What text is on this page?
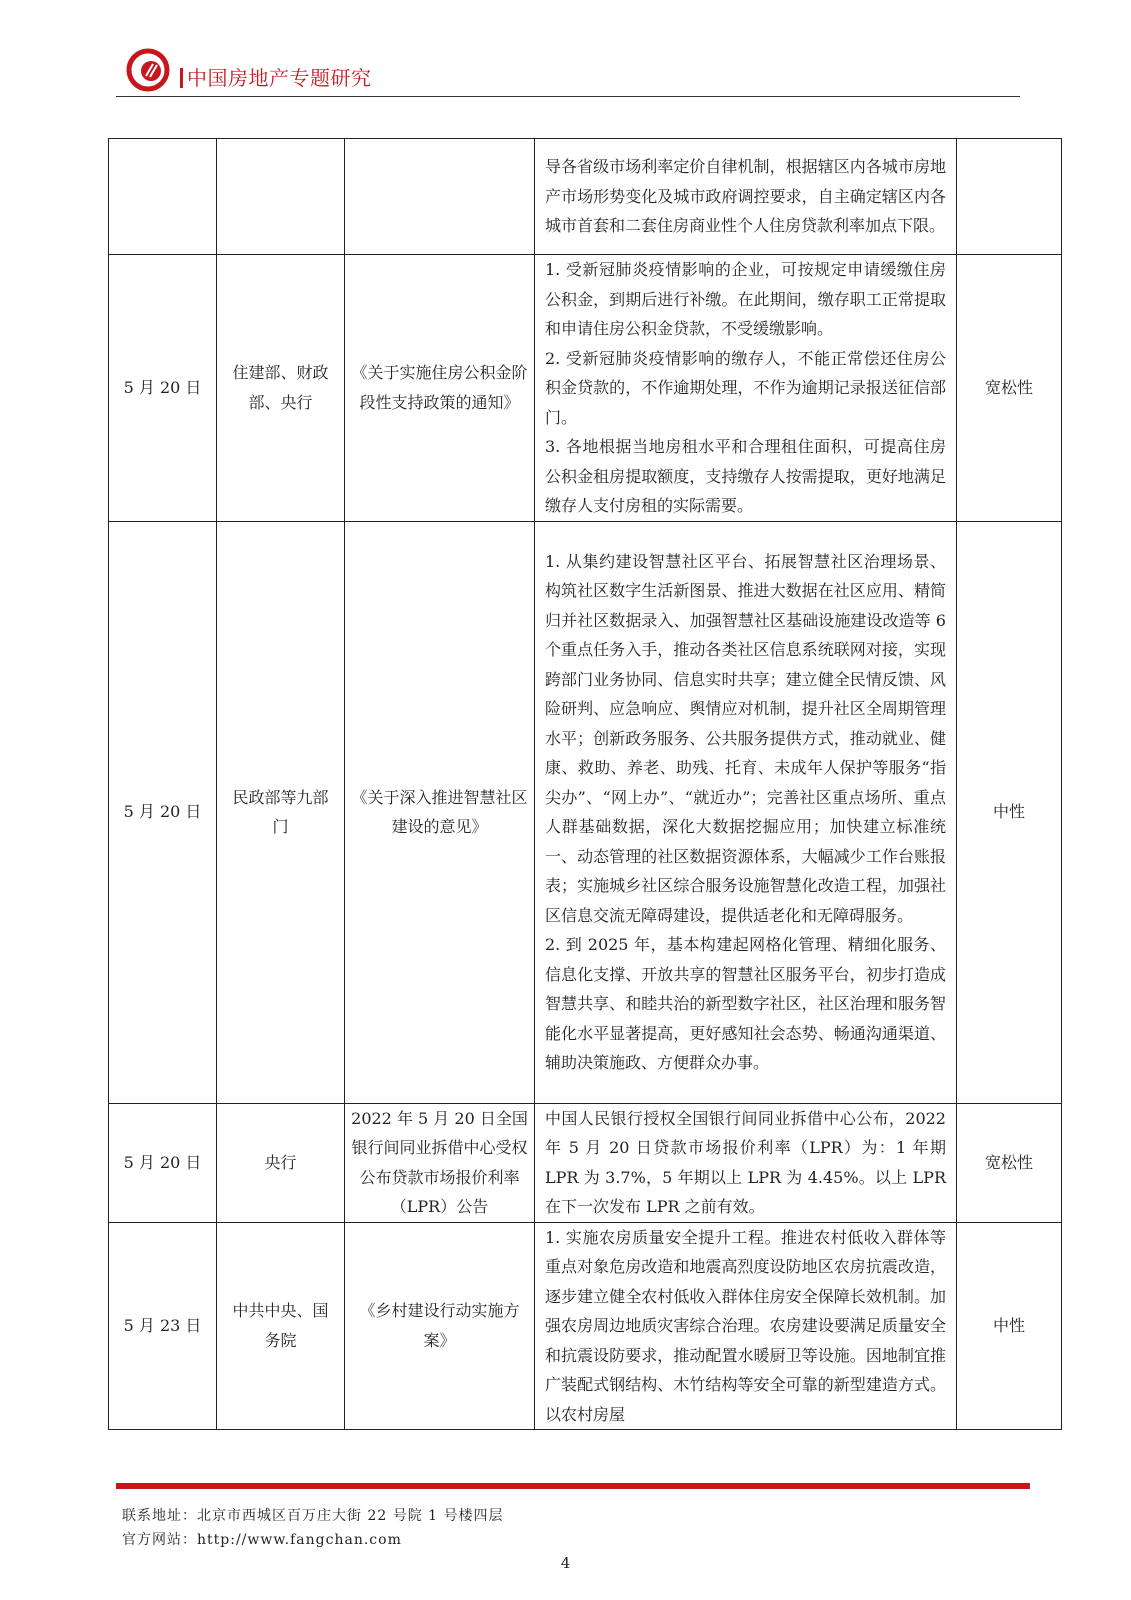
中国房地产专题研究

			导各省级市场利率定价自律机制，根据辖区内各城市房地产市场形势变化及城市政府调控要求，自主确定辖区内各城市首套和二套住房商业性个人住房贷款利率加点下限。	

5 月 20 日	住建部、财政部、央行	《关于实施住房公积金阶段性支持政策的通知》	1. 受新冠肺炎疫情影响的企业，可按规定申请缓缴住房公积金，到期后进行补缴。在此期间，缴存职工正常提取和申请住房公积金贷款，不受缓缴影响。
2. 受新冠肺炎疫情影响的缴存人，不能正常偿还住房公积金贷款的，不作逾期处理，不作为逾期记录报送征信部门。
3. 各地根据当地房租水平和合理租住面积，可提高住房公积金租房提取额度，支持缴存人按需提取，更好地满足缴存人支付房租的实际需要。	宽松性
5 月 20 日	民政部等九部门	《关于深入推进智慧社区建设的意见》	1. 从集约建设智慧社区平台、拓展智慧社区治理场景、构筑社区数字生活新图景、推进大数据在社区应用、精简归并社区数据录入、加强智慧社区基础设施建设改造等 6 个重点任务入手，推动各类社区信息系统联网对接，实现跨部门业务协同、信息实时共享；建立健全民情反馈、风险研判、应急响应、舆情应对机制，提升社区全周期管理水平；创新政务服务、公共服务提供方式，推动就业、健康、救助、养老、助残、托育、未成年人保护等服务“指尖办”、“网上办”、“就近办”；完善社区重点场所、重点人群基础数据，深化大数据挖掘应用；加快建立标准统一、动态管理的社区数据资源体系，大幅减少工作台账报表；实施城乡社区综合服务设施智慧化改造工程，加强社区信息交流无障碍建设，提供适老化和无障碍服务。
2. 到 2025 年，基本构建起网格化管理、精细化服务、信息化支撑、开放共享的智慧社区服务平台，初步打造成智慧共享、和睦共治的新型数字社区，社区治理和服务智能化水平显著提高，更好感知社会态势、畅通沟通渠道、辅助决策施政、方便群众办事。	中性
5 月 20 日	央行	2022 年 5 月 20 日全国银行间同业拆借中心受权公布贷款市场报价利率（LPR）公告	中国人民银行授权全国银行间同业拆借中心公布，2022 年 5 月 20 日贷款市场报价利率（LPR）为：1 年期 LPR 为 3.7%，5 年期以上 LPR 为 4.45%。以上 LPR 在下一次发布 LPR 之前有效。	宽松性
5 月 23 日	中共中央、国务院	《乡村建设行动实施方案》	1. 实施农房质量安全提升工程。推进农村低收入群体等重点对象危房改造和地震高烈度设防地区农房抗震改造，逐步建立健全农村低收入群体住房安全保障长效机制。加强农房周边地质灾害综合治理。农房建设要满足质量安全和抗震设防要求，推动配置水暖厨卫等设施。因地制宜推广装配式钢结构、木竹结构等安全可靠的新型建造方式。以农村房屋	中性
联系地址：北京市西城区百万庄大街 22 号院 1 号楼四层
官方网站：http://www.fangchan.com
4
